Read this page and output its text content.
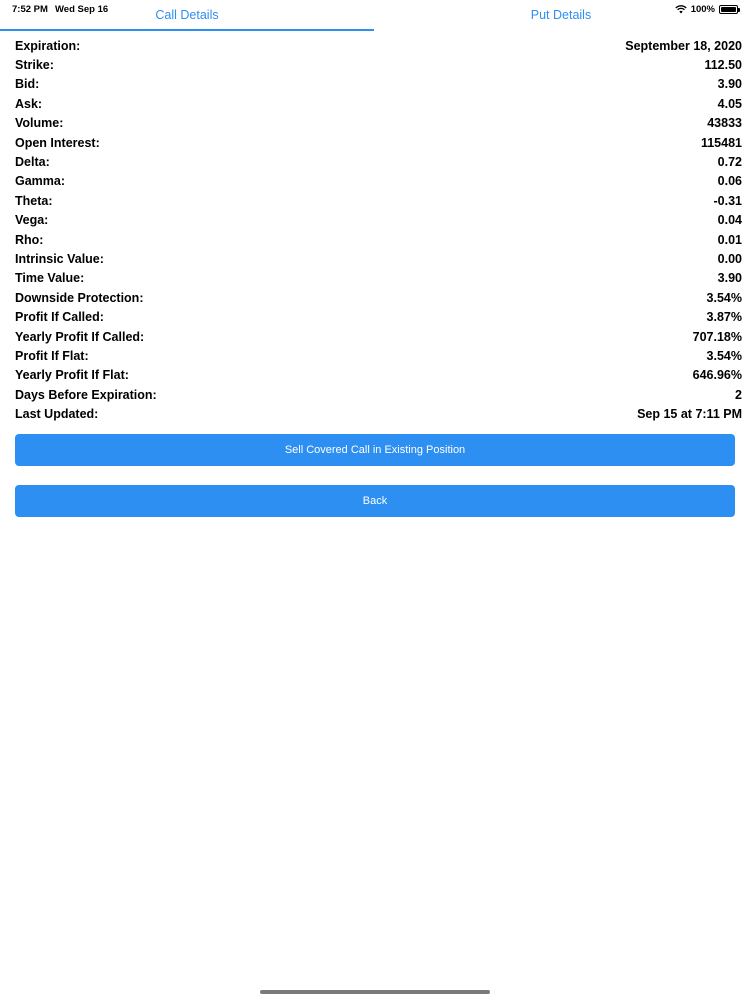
7:52 PM Wed Sep 16	100%
Call Details	Put Details
Expiration:	September 18, 2020
Strike:	112.50
Bid:	3.90
Ask:	4.05
Volume:	43833
Open Interest:	115481
Delta:	0.72
Gamma:	0.06
Theta:	-0.31
Vega:	0.04
Rho:	0.01
Intrinsic Value:	0.00
Time Value:	3.90
Downside Protection:	3.54%
Profit If Called:	3.87%
Yearly Profit If Called:	707.18%
Profit If Flat:	3.54%
Yearly Profit If Flat:	646.96%
Days Before Expiration:	2
Last Updated:	Sep 15 at 7:11 PM
Sell Covered Call in Existing Position
Back
